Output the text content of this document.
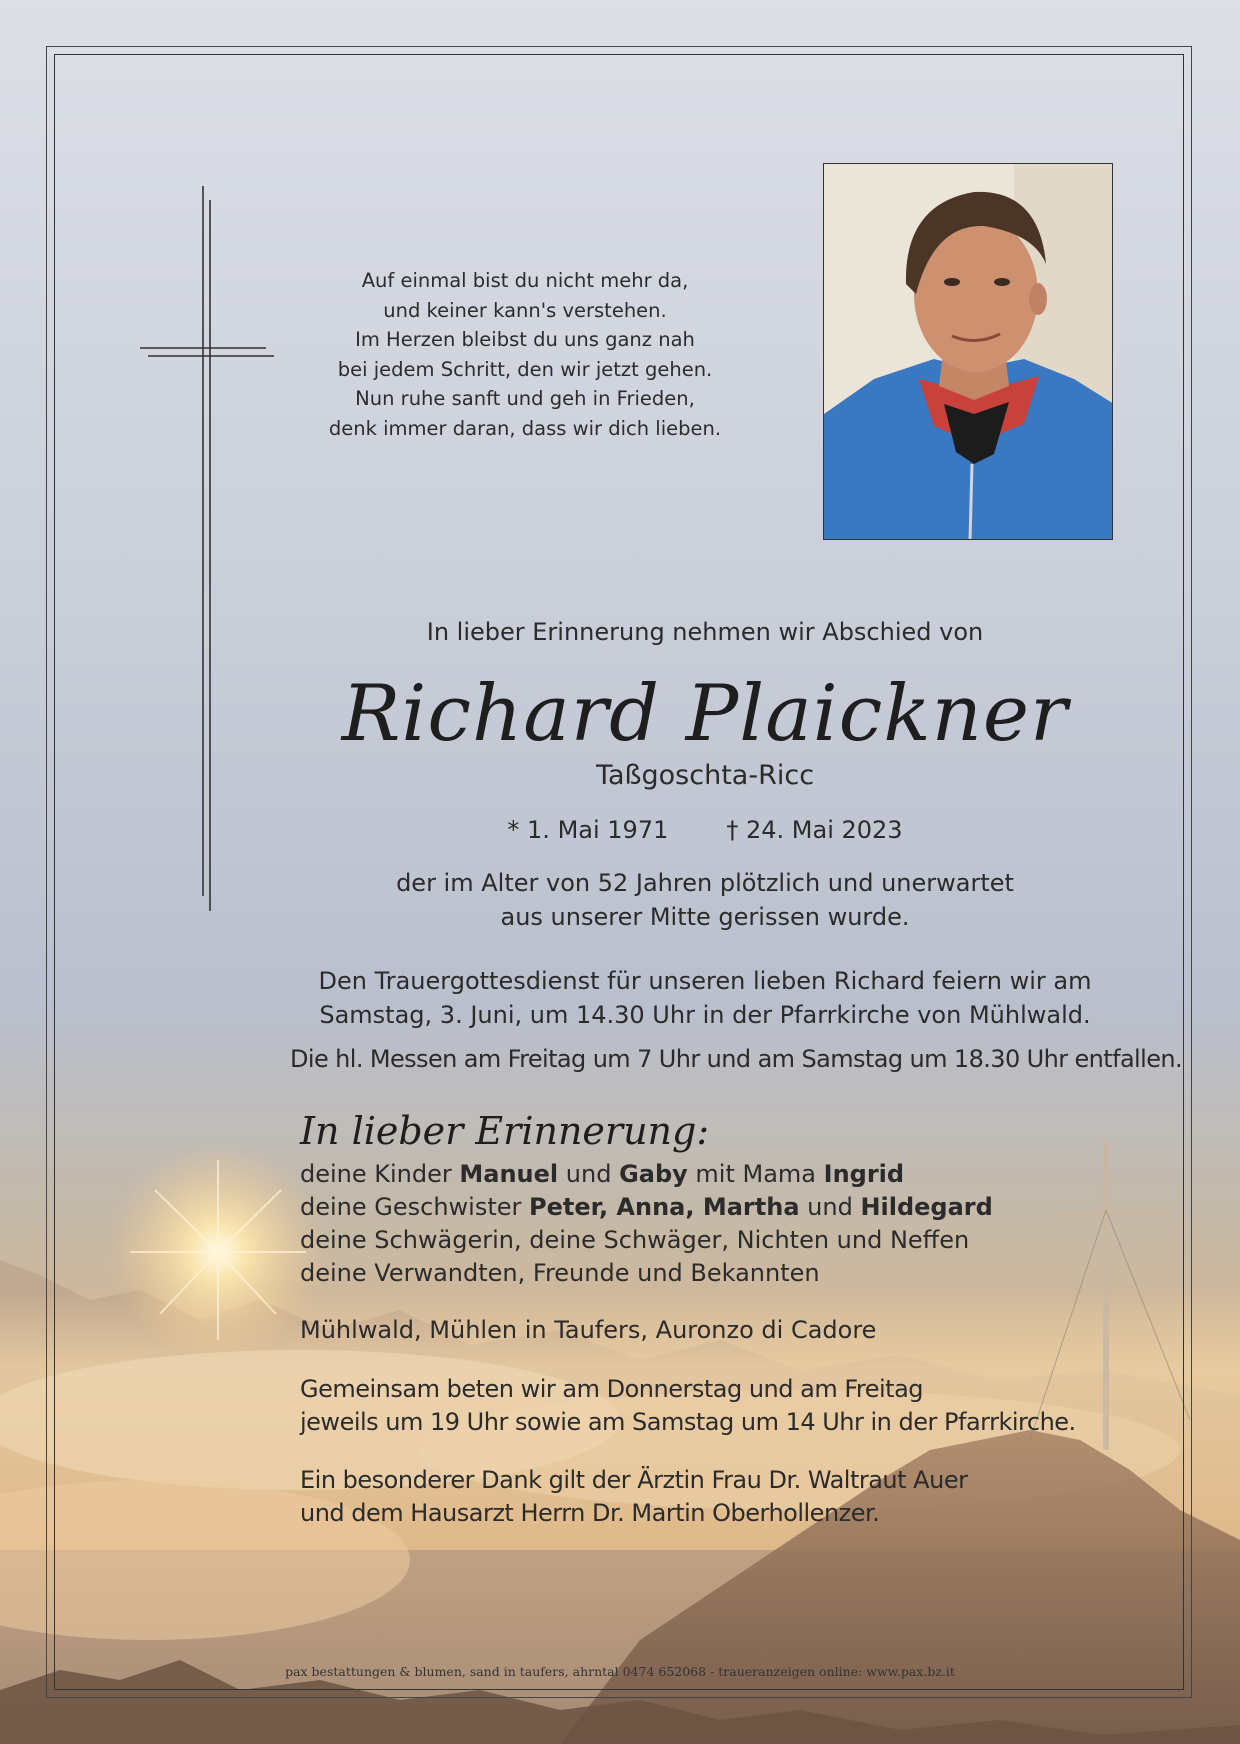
Auf einmal bist du nicht mehr da,
und keiner kann's verstehen.
Im Herzen bleibst du uns ganz nah
bei jedem Schritt, den wir jetzt gehen.
Nun ruhe sanft und geh in Frieden,
denk immer daran, dass wir dich lieben.
In lieber Erinnerung nehmen wir Abschied von
Richard Plaickner
Taßgoschta-Ricc
* 1. Mai 1971 † 24. Mai 2023
der im Alter von 52 Jahren plötzlich und unerwartet
aus unserer Mitte gerissen wurde.
Den Trauergottesdienst für unseren lieben Richard feiern wir am
Samstag, 3. Juni, um 14.30 Uhr in der Pfarrkirche von Mühlwald.
Die hl. Messen am Freitag um 7 Uhr und am Samstag um 18.30 Uhr entfallen.
In lieber Erinnerung:
deine Kinder Manuel und Gaby mit Mama Ingrid
deine Geschwister Peter, Anna, Martha und Hildegard
deine Schwägerin, deine Schwäger, Nichten und Neffen
deine Verwandten, Freunde und Bekannten
Mühlwald, Mühlen in Taufers, Auronzo di Cadore
Gemeinsam beten wir am Donnerstag und am Freitag
jeweils um 19 Uhr sowie am Samstag um 14 Uhr in der Pfarrkirche.
Ein besonderer Dank gilt der Ärztin Frau Dr. Waltraut Auer
und dem Hausarzt Herrn Dr. Martin Oberhollenzer.
pax bestattungen & blumen, sand in taufers, ahrntal 0474 652068 - traueranzeigen online: www.pax.bz.it
